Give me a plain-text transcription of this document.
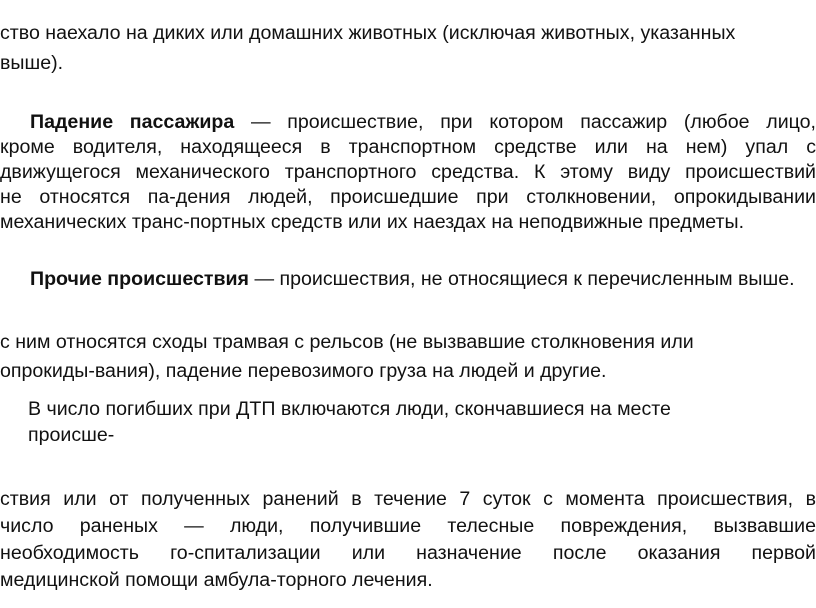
ство наехало на диких или домашних животных (исключая животных, указанных
выше).
Падение пассажира — происшествие, при котором пассажир (любое лицо,
кроме водителя, находящееся в транспортном средстве или на нем) упал с
движущегося механического транспортного средства. К этому виду происшествий
не относятся па-дения людей, происшедшие при столкновении, опрокидывании
механических транс-портных средств или их наездах на неподвижные предметы.
Прочие происшествия — происшествия, не относящиеся к перечисленным выше.
с ним относятся сходы трамвая с рельсов (не вызвавшие столкновения или
опрокиды-вания), падение перевозимого груза на людей и другие.
В число погибших при ДТП включаются люди, скончавшиеся на месте
происше-
ствия или от полученных ранений в течение 7 суток с момента происшествия, в
число раненых — люди, получившие телесные повреждения, вызвавшие
необходимость го-спитализации или назначение после оказания первой
медицинской помощи амбула-торного лечения.
